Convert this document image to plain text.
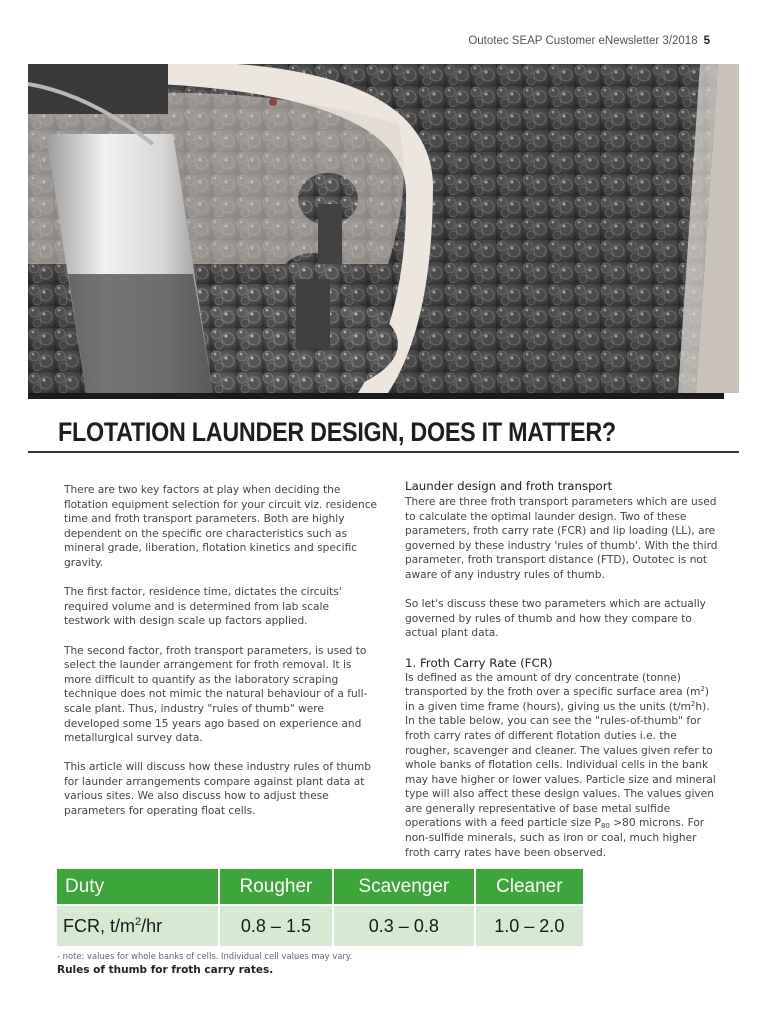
Outotec SEAP Customer eNewsletter 3/2018 5
FLOTATION LAUNDER DESIGN, DOES IT MATTER?

There are two key factors at play when deciding the flotation equipment selection for your circuit viz. residence time and froth transport parameters. Both are highly dependent on the specific ore characteristics such as mineral grade, liberation, flotation kinetics and specific gravity.

The first factor, residence time, dictates the circuits' required volume and is determined from lab scale testwork with design scale up factors applied.

The second factor, froth transport parameters, is used to select the launder arrangement for froth removal. It is more difficult to quantify as the laboratory scraping technique does not mimic the natural behaviour of a full-scale plant. Thus, industry "rules of thumb" were developed some 15 years ago based on experience and metallurgical survey data.

This article will discuss how these industry rules of thumb for launder arrangements compare against plant data at various sites. We also discuss how to adjust these parameters for operating float cells.

Launder design and froth transport

There are three froth transport parameters which are used to calculate the optimal launder design. Two of these parameters, froth carry rate (FCR) and lip loading (LL), are governed by these industry 'rules of thumb'. With the third parameter, froth transport distance (FTD), Outotec is not aware of any industry rules of thumb.

So let's discuss these two parameters which are actually governed by rules of thumb and how they compare to actual plant data.

1. Froth Carry Rate (FCR)

Is defined as the amount of dry concentrate (tonne) transported by the froth over a specific surface area $(m^2)$ in a given time frame (hours), giving us the units $(t/m^2h)$. In the table below, you can see the "rules-of-thumb" for froth carry rates of different flotation duties i.e. the rougher, scavenger and cleaner. The values given refer to whole banks of flotation cells. Individual cells in the bank may have higher or lower values. Particle size and mineral type will also affect these design values. The values given are generally representative of base metal sulfide operations with a feed particle size $P_{80} >80$ microns. For non-sulfide minerals, such as iron or coal, much higher froth carry rates have been observed.

Duty	Rougher	Scavenger	Cleaner
FCR, $t/m^2/hr$	0.8 – 1.5	0.3 – 0.8	1.0 – 2.0
- note: values for whole banks of cells. Individual cell values may vary.
Rules of thumb for froth carry rates.
